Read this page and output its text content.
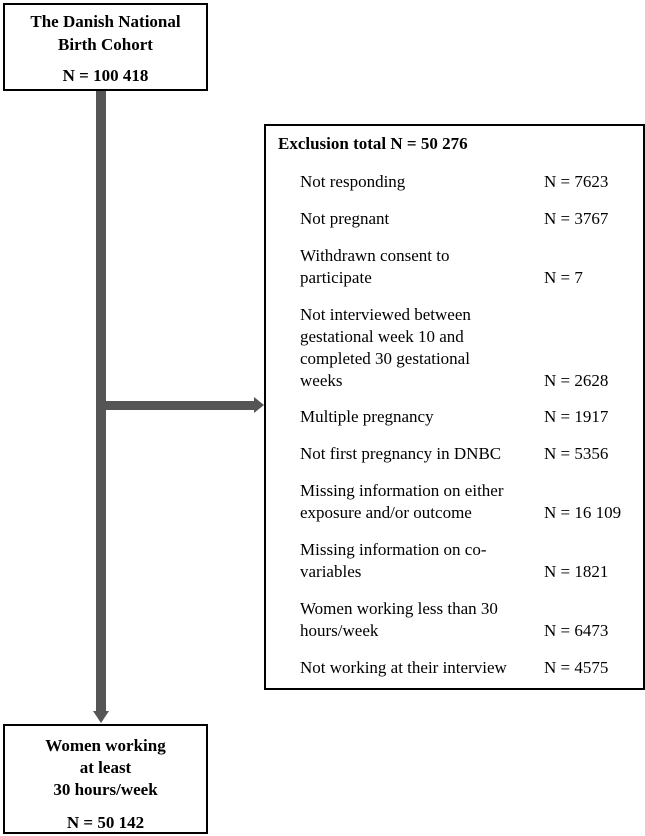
The Danish National
Birth Cohort
N = 100 418
Exclusion total N = 50 276
Not responding	N = 7623
Not pregnant	N = 3767
Withdrawn consent to participate	N = 7
Not interviewed between gestational week 10 and completed 30 gestational weeks	N = 2628
Multiple pregnancy	N = 1917
Not first pregnancy in DNBC	N = 5356
Missing information on either exposure and/or outcome	N = 16 109
Missing information on co-variables	N = 1821
Women working less than 30 hours/week	N = 6473
Not working at their interview	N = 4575
Women working
at least
30 hours/week
N = 50 142
